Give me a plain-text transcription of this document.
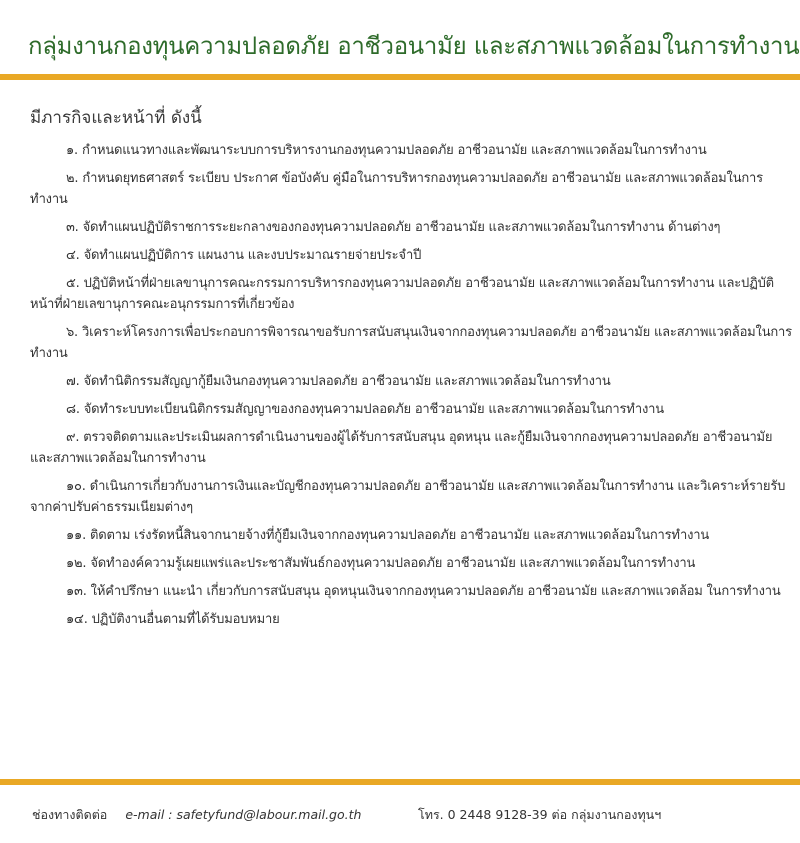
กลุ่มงานกองทุนความปลอดภัย อาชีวอนามัย และสภาพแวดล้อมในการทำงาน
มีภารกิจและหน้าที่ ดังนี้
๑. กำหนดแนวทางและพัฒนาระบบการบริหารงานกองทุนความปลอดภัย อาชีวอนามัย และสภาพแวดล้อมในการทำงาน
๒. กำหนดยุทธศาสตร์ ระเบียบ ประกาศ ข้อบังคับ คู่มือในการบริหารกองทุนความปลอดภัย อาชีวอนามัย และสภาพแวดล้อมในการทำงาน
๓. จัดทำแผนปฏิบัติราชการระยะกลางของกองทุนความปลอดภัย อาชีวอนามัย และสภาพแวดล้อมในการทำงาน ด้านต่างๆ
๔. จัดทำแผนปฏิบัติการ แผนงาน และงบประมาณรายจ่ายประจำปี
๕. ปฏิบัติหน้าที่ฝ่ายเลขานุการคณะกรรมการบริหารกองทุนความปลอดภัย อาชีวอนามัย และสภาพแวดล้อมในการทำงาน และปฏิบัติหน้าที่ฝ่ายเลขานุการคณะอนุกรรมการที่เกี่ยวข้อง
๖. วิเคราะห์โครงการเพื่อประกอบการพิจารณาขอรับการสนับสนุนเงินจากกองทุนความปลอดภัย อาชีวอนามัย และสภาพแวดล้อมในการทำงาน
๗. จัดทำนิติกรรมสัญญากู้ยืมเงินกองทุนความปลอดภัย อาชีวอนามัย และสภาพแวดล้อมในการทำงาน
๘. จัดทำระบบทะเบียนนิติกรรมสัญญาของกองทุนความปลอดภัย อาชีวอนามัย และสภาพแวดล้อมในการทำงาน
๙. ตรวจติดตามและประเมินผลการดำเนินงานของผู้ได้รับการสนับสนุน อุดหนุน และกู้ยืมเงินจากกองทุนความปลอดภัย อาชีวอนามัย และสภาพแวดล้อมในการทำงาน
๑๐. ดำเนินการเกี่ยวกับงานการเงินและบัญชีกองทุนความปลอดภัย อาชีวอนามัย และสภาพแวดล้อมในการทำงาน และวิเคราะห์รายรับจากค่าปรับค่าธรรมเนียมต่างๆ
๑๑. ติดตาม เร่งรัดหนี้สินจากนายจ้างที่กู้ยืมเงินจากกองทุนความปลอดภัย อาชีวอนามัย และสภาพแวดล้อมในการทำงาน
๑๒. จัดทำองค์ความรู้เผยแพร่และประชาสัมพันธ์กองทุนความปลอดภัย อาชีวอนามัย และสภาพแวดล้อมในการทำงาน
๑๓. ให้คำปรึกษา แนะนำ เกี่ยวกับการสนับสนุน อุดหนุนเงินจากกองทุนความปลอดภัย อาชีวอนามัย และสภาพแวดล้อม ในการทำงาน
๑๔. ปฏิบัติงานอื่นตามที่ได้รับมอบหมาย
ช่องทางติดต่อ e-mail : safetyfund@labour.mail.go.th	โทร. 0 2448 9128-39 ต่อ กลุ่มงานกองทุนฯ
